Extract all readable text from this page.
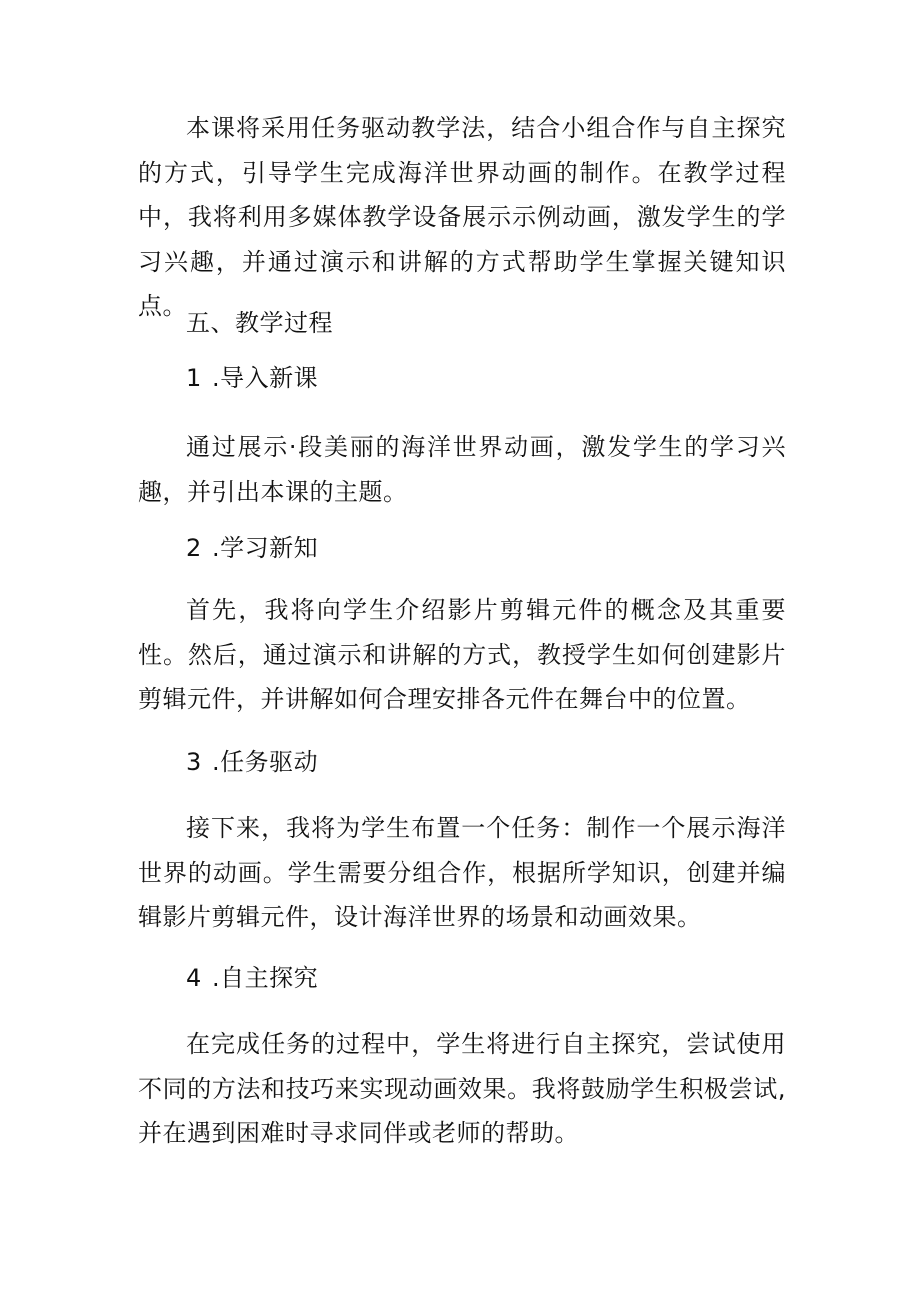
本课将采用任务驱动教学法，结合小组合作与自主探究的方式，引导学生完成海洋世界动画的制作。在教学过程中，我将利用多媒体教学设备展示示例动画，激发学生的学习兴趣，并通过演示和讲解的方式帮助学生掌握关键知识点。

五、教学过程

1 .导入新课

通过展示·段美丽的海洋世界动画，激发学生的学习兴趣，并引出本课的主题。

2 .学习新知

首先，我将向学生介绍影片剪辑元件的概念及其重要性。然后，通过演示和讲解的方式，教授学生如何创建影片剪辑元件，并讲解如何合理安排各元件在舞台中的位置。

3 .任务驱动

接下来，我将为学生布置一个任务：制作一个展示海洋世界的动画。学生需要分组合作，根据所学知识，创建并编辑影片剪辑元件，设计海洋世界的场景和动画效果。

4 .自主探究

在完成任务的过程中，学生将进行自主探究，尝试使用不同的方法和技巧来实现动画效果。我将鼓励学生积极尝试,并在遇到困难时寻求同伴或老师的帮助。
